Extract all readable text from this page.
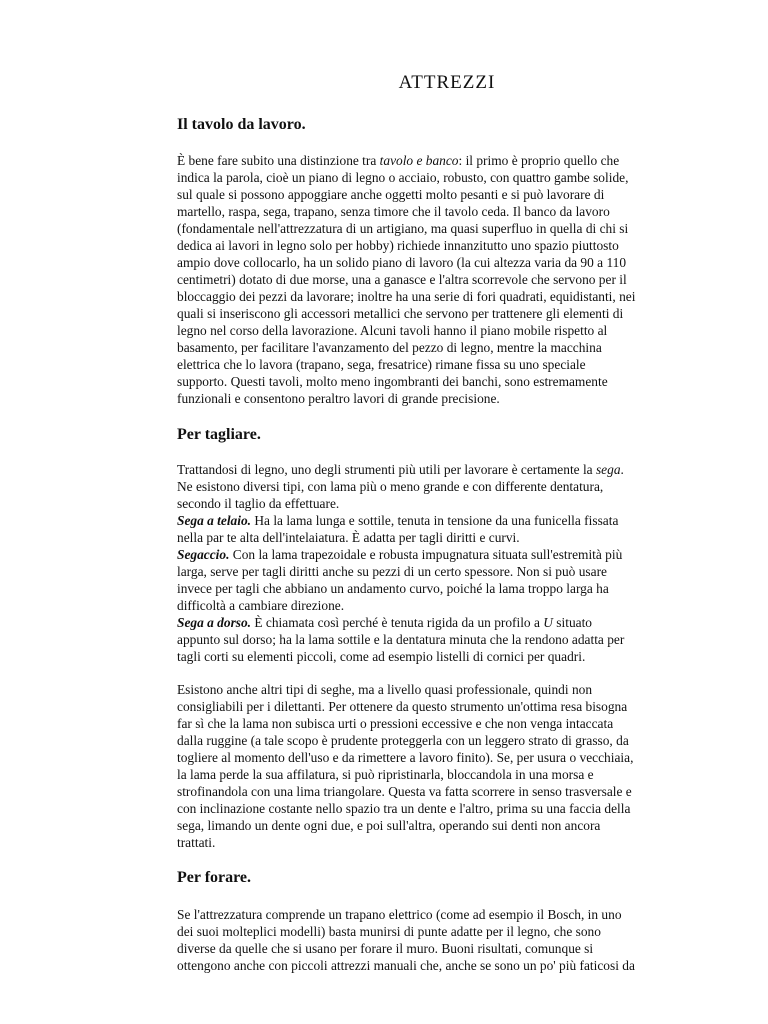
ATTREZZI
Il tavolo da lavoro.
È bene fare subito una distinzione tra tavolo e banco: il primo è proprio quello che
indica la parola, cioè un piano di legno o acciaio, robusto, con quattro gambe solide,
sul quale si possono appoggiare anche oggetti molto pesanti e si può lavorare di
martello, raspa, sega, trapano, senza timore che il tavolo ceda. Il banco da lavoro
(fondamentale nell'attrezzatura di un artigiano, ma quasi superfluo in quella di chi si
dedica ai lavori in legno solo per hobby) richiede innanzitutto uno spazio piuttosto
ampio dove collocarlo, ha un solido piano di lavoro (la cui altezza varia da 90 a 110
centimetri) dotato di due morse, una a ganasce e l'altra scorrevole che servono per il
bloccaggio dei pezzi da lavorare; inoltre ha una serie di fori quadrati, equidistanti, nei
quali si inseriscono gli accessori metallici che servono per trattenere gli elementi di
legno nel corso della lavorazione. Alcuni tavoli hanno il piano mobile rispetto al
basamento, per facilitare l'avanzamento del pezzo di legno, mentre la macchina
elettrica che lo lavora (trapano, sega, fresatrice) rimane fissa su uno speciale
supporto. Questi tavoli, molto meno ingombranti dei banchi, sono estremamente
funzionali e consentono peraltro lavori di grande precisione.
Per tagliare.
Trattandosi di legno, uno degli strumenti più utili per lavorare è certamente la sega.
Ne esistono diversi tipi, con lama più o meno grande e con differente dentatura,
secondo il taglio da effettuare.
Sega a telaio. Ha la lama lunga e sottile, tenuta in tensione da una funicella fissata
nella par te alta dell'intelaiatura. È adatta per tagli diritti e curvi.
Segaccio. Con la lama trapezoidale e robusta impugnatura situata sull'estremità più
larga, serve per tagli diritti anche su pezzi di un certo spessore. Non si può usare
invece per tagli che abbiano un andamento curvo, poiché la lama troppo larga ha
difficoltà a cambiare direzione.
Sega a dorso. È chiamata così perché è tenuta rigida da un profilo a U situato
appunto sul dorso; ha la lama sottile e la dentatura minuta che la rendono adatta per
tagli corti su elementi piccoli, come ad esempio listelli di cornici per quadri.
Esistono anche altri tipi di seghe, ma a livello quasi professionale, quindi non
consigliabili per i dilettanti. Per ottenere da questo strumento un'ottima resa bisogna
far sì che la lama non subisca urti o pressioni eccessive e che non venga intaccata
dalla ruggine (a tale scopo è prudente proteggerla con un leggero strato di grasso, da
togliere al momento dell'uso e da rimettere a lavoro finito). Se, per usura o vecchiaia,
la lama perde la sua affilatura, si può ripristinarla, bloccandola in una morsa e
strofinandola con una lima triangolare. Questa va fatta scorrere in senso trasversale e
con inclinazione costante nello spazio tra un dente e l'altro, prima su una faccia della
sega, limando un dente ogni due, e poi sull'altra, operando sui denti non ancora
trattati.
Per forare.
Se l'attrezzatura comprende un trapano elettrico (come ad esempio il Bosch, in uno
dei suoi molteplici modelli) basta munirsi di punte adatte per il legno, che sono
diverse da quelle che si usano per forare il muro. Buoni risultati, comunque si
ottengono anche con piccoli attrezzi manuali che, anche se sono un po' più faticosi da
